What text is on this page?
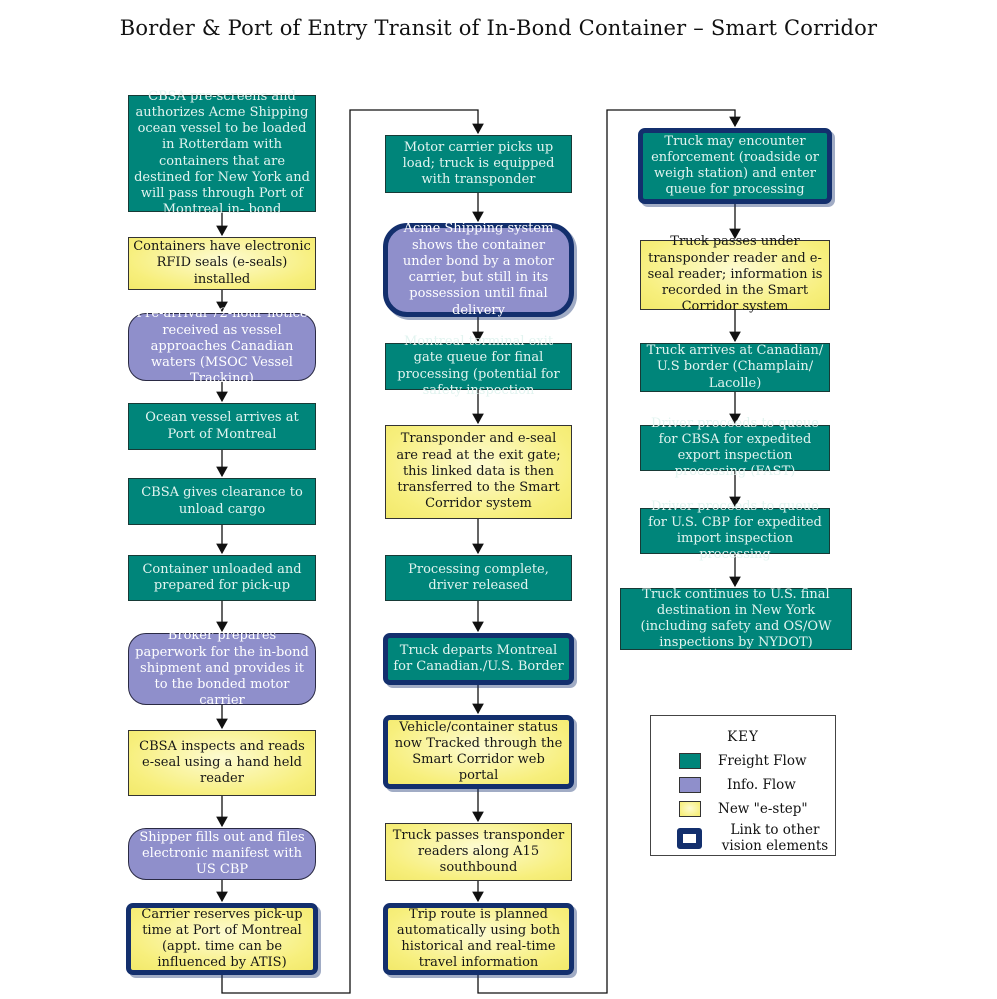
Border & Port of Entry Transit of In-Bond Container – Smart Corridor
CBSA pre-screens and authorizes Acme Shipping ocean vessel to be loaded in Rotterdam with containers that are destined for New York and will pass through Port of Montreal in- bond
Containers have electronic RFID seals (e-seals) installed
Pre-arrival 72-hour notice received as vessel approaches Canadian waters (MSOC Vessel Tracking)
Ocean vessel arrives at Port of Montreal
CBSA gives clearance to unload cargo
Container unloaded and prepared for pick-up
Broker prepares paperwork for the in-bond shipment and provides it to the bonded motor carrier
CBSA inspects and reads e-seal using a hand held reader
Shipper fills out and files electronic manifest with US CBP
Carrier reserves pick-up time at Port of Montreal (appt. time can be influenced by ATIS)
Motor carrier picks up load; truck is equipped with transponder
Acme Shipping system shows the container under bond by a motor carrier, but still in its possession until final delivery
Montreal terminal exit gate queue for final processing (potential for safety inspection
Transponder and e-seal are read at the exit gate; this linked data is then transferred to the Smart Corridor system
Processing complete, driver released
Truck departs Montreal for Canadian./U.S. Border
Vehicle/container status now Tracked through the Smart Corridor web portal
Truck passes transponder readers along A15 southbound
Trip route is planned automatically using both historical and real-time travel information
Truck may encounter enforcement (roadside or weigh station) and enter queue for processing
Truck passes under transponder reader and e-seal reader; information is recorded in the Smart Corridor system
Truck arrives at Canadian/ U.S border (Champlain/ Lacolle)
Driver proceeds to queue for CBSA for expedited export inspection processing (FAST)
Driver proceeds to queue for U.S. CBP for expedited import inspection processing
Truck continues to U.S. final destination in New York (including safety and OS/OW inspections by NYDOT)
KEY
Freight Flow
Info. Flow
New "e-step"
Link to other vision elements
